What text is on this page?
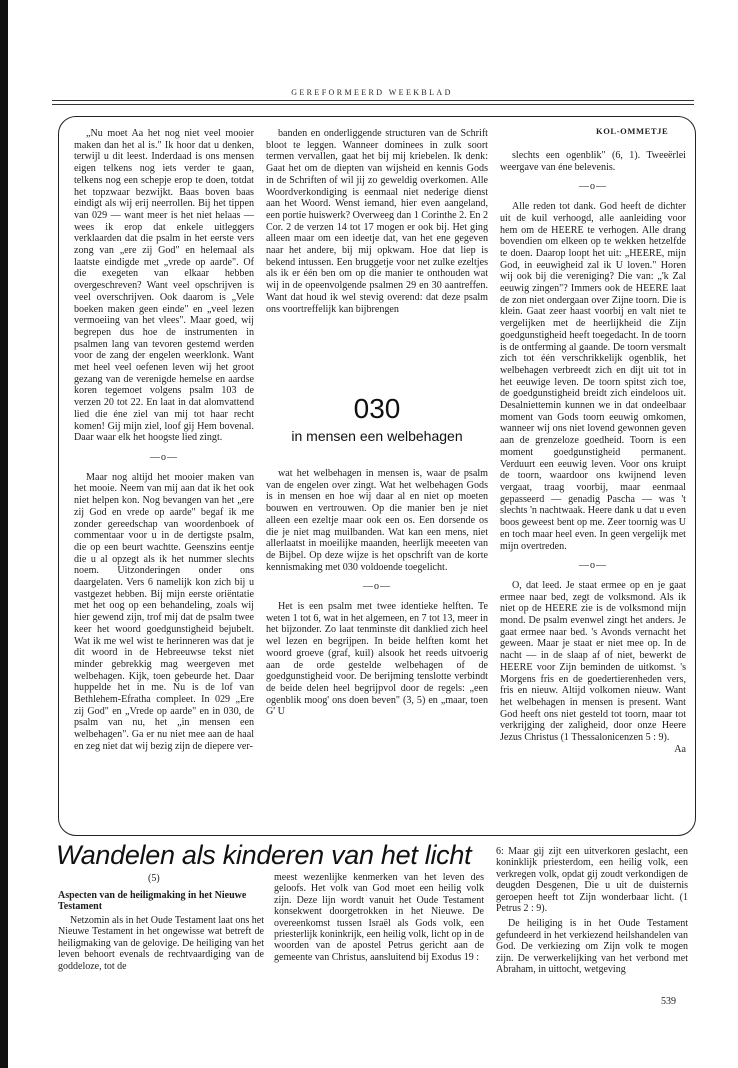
GEREFORMEERD WEEKBLAD
KOL-OMMETJE

„Nu moet Aa het nog niet veel mooier maken dan het al is." Ik hoor dat u denken, terwijl u dit leest. Inderdaad is ons mensen eigen telkens nog iets verder te gaan, telkens nog een schepje erop te doen, totdat het topzwaar bezwijkt. Baas boven baas eindigt als wij erij neerrollen. Bij het tippen van 029 — want meer is het niet helaas — wees ik erop dat enkele uitleggers verklaarden dat die psalm in het eerste vers zong van „ere zij God" en helemaal als laatste eindigde met „vrede op aarde". Of die exegeten van elkaar hebben overgeschreven? Want veel opschrijven is veel overschrijven. Ook daarom is „Vele boeken maken geen einde" en „veel lezen vermoeiing van het vlees". Maar goed, wij begrepen dus hoe de instrumenten in psalmen lang van tevoren gestemd werden voor de zang der engelen weerklonk. Want met heel veel oefenen leven wij het groot gezang van de verenigde hemelse en aardse koren tegemoet volgens psalm 103 de verzen 20 tot 22. En laat in dat alomvattend lied die éne ziel van mij tot haar recht komen! Gij mijn ziel, loof gij Hem bovenal. Daar waar elk het hoogste lied zingt.

—o—

Maar nog altijd het mooier maken van het mooie. Neem van mij aan dat ik het ook niet helpen kon. Nog bevangen van het „ere zij God en vrede op aarde" begaf ik me zonder gereedschap van woordenboek of commentaar voor u in de dertigste psalm, die op een beurt wachtte. Geenszins eentje die u al opzegt als ik het nummer slechts noem. Uitzonderingen onder ons daargelaten. Vers 6 namelijk kon zich bij u vastgezet hebben. Bij mijn eerste oriëntatie met het oog op een behandeling, zoals wij hier gewend zijn, trof mij dat de psalm twee keer het woord goedgunstigheid bejubelt. Wat ik me wel wist te herinneren was dat je dit woord in de Hebreeuwse tekst niet minder gebrekkig mag weergeven met welbehagen. Kijk, toen gebeurde het. Daar huppelde het in me. Nu is de lof van Bethlehem-Efratha compleet. In 029 „Ere zij God" en „Vrede op aarde" en in 030, de psalm van nu, het „in mensen een welbehagen". Ga er nu niet mee aan de haal en zeg niet dat wij bezig zijn de diepere ver-

banden en onderliggende structuren van de Schrift bloot te leggen. Wanneer dominees in zulk soort termen vervallen, gaat het bij mij kriebelen. Ik denk: Gaat het om de diepten van wijsheid en kennis Gods in de Schriften of wil jij zo geweldig overkomen. Alle Woordverkondiging is eenmaal niet nederige dienst aan het Woord. Wenst iemand, hier even aangeland, een portie huiswerk? Overweeg dan 1 Corinthe 2. En 2 Cor. 2 de verzen 14 tot 17 mogen er ook bij. Het ging alleen maar om een ideetje dat, van het ene gegeven naar het andere, bij mij opkwam. Hoe dat liep is bekend intussen. Een bruggetje voor net zulke ezeltjes als ik er één ben om op die manier te onthouden wat wij in de opeenvolgende psalmen 29 en 30 aantreffen. Want dat houd ik wel stevig overend: dat deze psalm ons voortreffelijk kan bijbrengen

030
in mensen een welbehagen

wat het welbehagen in mensen is, waar de psalm van de engelen over zingt. Wat het welbehagen Gods is in mensen en hoe wij daar al en niet op moeten bouwen en vertrouwen. Op die manier ben je niet alleen een ezeltje maar ook een os. Een dorsende os die je niet mag muilbanden. Wat kan een mens, niet allerlaatst in moeilijke maanden, heerlijk meeeten van de Bijbel. Op deze wijze is het opschrift van de korte kennismaking met 030 voldoende toegelicht.

—o—

Het is een psalm met twee identieke helften. Te weten 1 tot 6, wat in het algemeen, en 7 tot 13, meer in het bijzonder. Zo laat tenminste dit danklied zich heel wel lezen en begrijpen. In beide helften komt het woord groeve (graf, kuil) alsook het reeds uitvoerig aan de orde gestelde welbehagen of de goedgunstigheid voor. De berijming tenslotte verbindt de beide delen heel begrijpvol door de regels: „een ogenblik moog' ons doen beven" (3, 5) en „maar, toen G' U

slechts een ogenblik" (6, 1). Tweeërlei weergave van éne belevenis.

—o—

Alle reden tot dank. God heeft de dichter uit de kuil verhoogd, alle aanleiding voor hem om de HEERE te verhogen. Alle drang bovendien om elkeen op te wekken hetzelfde te doen. Daarop loopt het uit: „HEERE, mijn God, in eeuwigheid zal ik U loven." Horen wij ook bij die vereniging? Die van: „'k Zal eeuwig zingen"? Immers ook de HEERE laat de zon niet ondergaan over Zijne toorn. Die is klein. Gaat zeer haast voorbij en valt niet te vergelijken met de heerlijkheid die Zijn goedgunstigheid heeft toegedacht. In de toorn is de ontferming al gaande. De toorn versmalt zich tot één verschrikkelijk ogenblik, het welbehagen verbreedt zich en dijt uit tot in het eeuwige leven. De toorn spitst zich toe, de goedgunstigheid breidt zich eindeloos uit. Desalniettemin kunnen we in dat ondeelbaar moment van Gods toorn eeuwig omkomen, wanneer wij ons niet lovend gewonnen geven aan de grenzeloze goedheid. Toorn is een moment goedgunstigheid permanent. Verduurt een eeuwig leven. Voor ons kruipt de toorn, waardoor ons kwijnend leven vergaat, traag voorbij, maar eenmaal gepasseerd — genadig Pascha — was 't slechts 'n nachtwaak. Heere dank u dat u even boos geweest bent op me. Zeer toornig was U en toch maar heel even. In geen vergelijk met mijn overtreden.

—o—

O, dat leed. Je staat ermee op en je gaat ermee naar bed, zegt de volksmond. Als ik niet op de HEERE zie is de volksmond mijn mond. De psalm evenwel zingt het anders. Je gaat ermee naar bed. 's Avonds vernacht het geween. Maar je staat er niet mee op. In de nacht — in de slaap af of niet, bewerkt de HEERE voor Zijn beminden de uitkomst. 's Morgens fris en de goedertierenheden vers, fris en nieuw. Altijd volkomen nieuw. Want het welbehagen in mensen is present. Want God heeft ons niet gesteld tot toorn, maar tot verkrijging der zaligheid, door onze Heere Jezus Christus (1 Thessalonicenzen 5 : 9).

Aa
Wandelen als kinderen van het licht
(5)
Aspecten van de heiligmaking in het Nieuwe Testament

Netzomin als in het Oude Testament laat ons het Nieuwe Testament in het ongewisse wat betreft de heiligmaking van de gelovige. De heiliging van het leven behoort evenals de rechtvaardiging van de goddeloze, tot de

meest wezenlijke kenmerken van het leven des geloofs. Het volk van God moet een heilig volk zijn. Deze lijn wordt vanuit het Oude Testament konsekwent doorgetrokken in het Nieuwe. De overeenkomst tussen Israël als Gods volk, een priesterlijk koninkrijk, een heilig volk, licht op in de woorden van de apostel Petrus gericht aan de gemeente van Christus, aansluitend bij Exodus 19 :

6: Maar gij zijt een uitverkoren geslacht, een koninklijk priesterdom, een heilig volk, een verkregen volk, opdat gij zoudt verkondigen de deugden Desgenen, Die u uit de duisternis geroepen heeft tot Zijn wonderbaar licht. (1 Petrus 2 : 9).

De heiliging is in het Oude Testament gefundeerd in het verkiezend heilshandelen van God. De verkiezing om Zijn volk te mogen zijn. De verwerkelijking van het verbond met Abraham, in uittocht, wetgeving

539
